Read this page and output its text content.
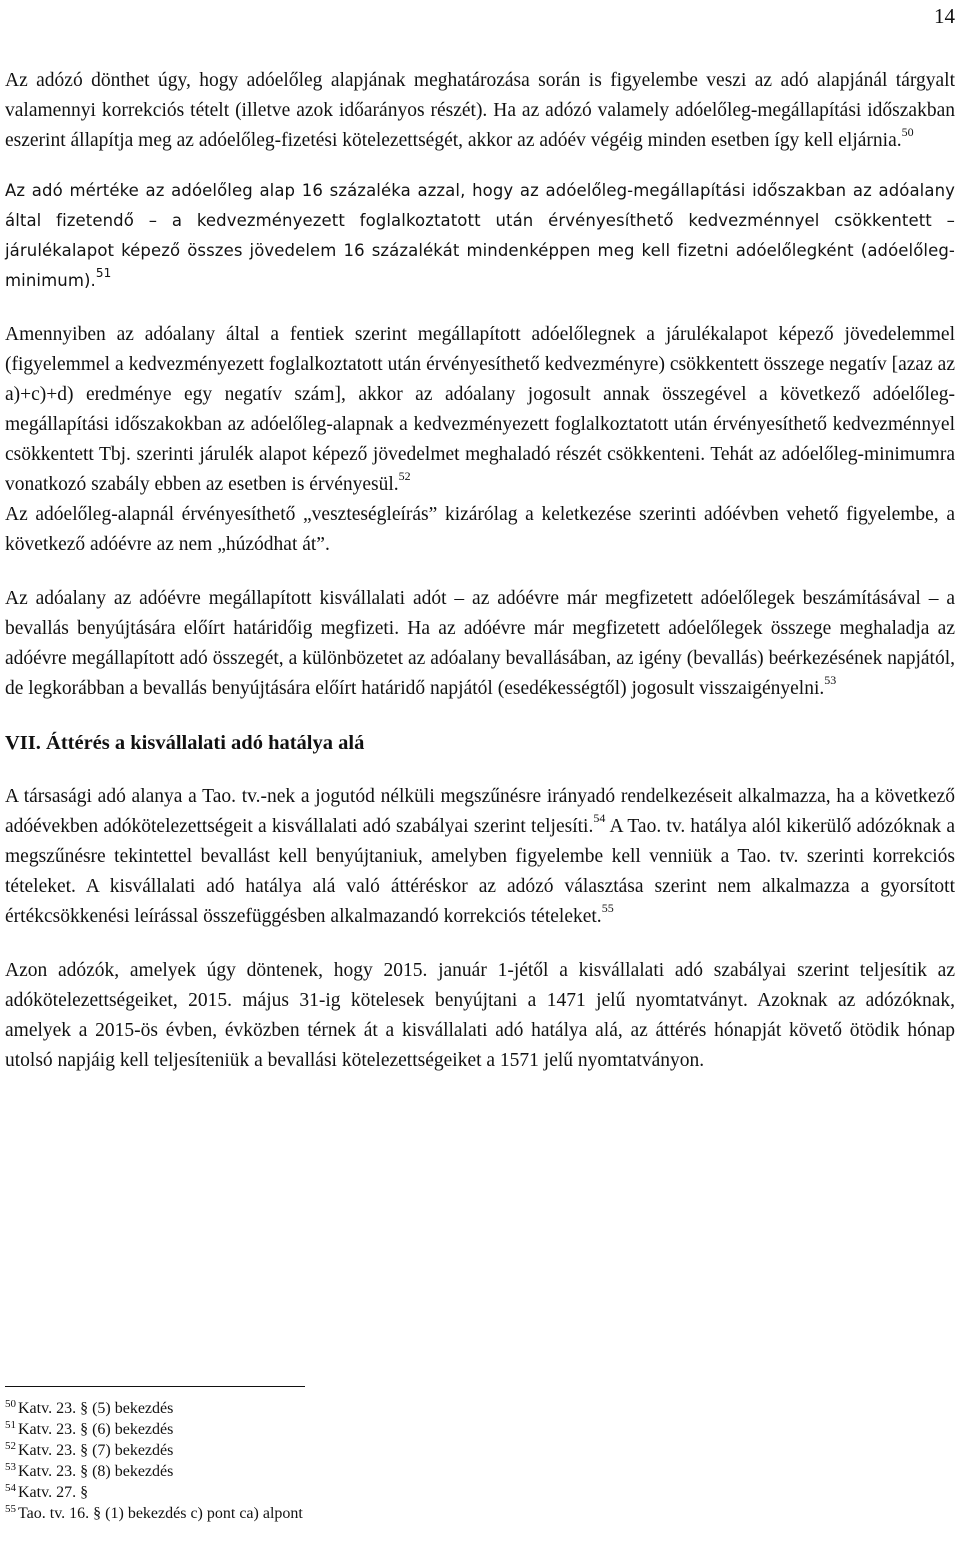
14

Az adózó dönthet úgy, hogy adóelőleg alapjának meghatározása során is figyelembe veszi az adó alapjánál tárgyalt valamennyi korrekciós tételt (illetve azok időarányos részét). Ha az adózó valamely adóelőleg-megállapítási időszakban eszerint állapítja meg az adóelőleg-fizetési kötelezettségét, akkor az adóév végéig minden esetben így kell eljárnia.$^{50}$

Az adó mértéke az adóelőleg alap 16 százaléka azzal, hogy az adóelőleg-megállapítási időszakban az adóalany által fizetendő – a kedvezményezett foglalkoztatott után érvényesíthető kedvezménnyel csökkentett – járulékalapot képező összes jövedelem 16 százalékát mindenképpen meg kell fizetni adóelőlegként (adóelőleg-minimum).$^{51}$

Amennyiben az adóalany által a fentiek szerint megállapított adóelőlegnek a járulékalapot képező jövedelemmel (figyelemmel a kedvezményezett foglalkoztatott után érvényesíthető kedvezményre) csökkentett összege negatív [azaz az a)+c)+d) eredménye egy negatív szám], akkor az adóalany jogosult annak összegével a következő adóelőleg-megállapítási időszakokban az adóelőleg-alapnak a kedvezményezett foglalkoztatott után érvényesíthető kedvezménnyel csökkentett Tbj. szerinti járulék alapot képező jövedelmet meghaladó részét csökkenteni. Tehát az adóelőleg-minimumra vonatkozó szabály ebben az esetben is érvényesül.$^{52}$

Az adóelőleg-alapnál érvényesíthető „veszteségleírás” kizárólag a keletkezése szerinti adóévben vehető figyelembe, a következő adóévre az nem „húzódhat át”.

Az adóalany az adóévre megállapított kisvállalati adót – az adóévre már megfizetett adóelőlegek beszámításával – a bevallás benyújtására előírt határidőig megfizeti. Ha az adóévre már megfizetett adóelőlegek összege meghaladja az adóévre megállapított adó összegét, a különbözetet az adóalany bevallásában, az igény (bevallás) beérkezésének napjától, de legkorábban a bevallás benyújtására előírt határidő napjától (esedékességtől) jogosult visszaigényelni.$^{53}$

VII. Áttérés a kisvállalati adó hatálya alá

A társasági adó alanya a Tao. tv.-nek a jogutód nélküli megszűnésre irányadó rendelkezéseit alkalmazza, ha a következő adóévekben adókötelezettségeit a kisvállalati adó szabályai szerint teljesíti.$^{54}$ A Tao. tv. hatálya alól kikerülő adózóknak a megszűnésre tekintettel bevallást kell benyújtaniuk, amelyben figyelembe kell venniük a Tao. tv. szerinti korrekciós tételeket. A kisvállalati adó hatálya alá való áttéréskor az adózó választása szerint nem alkalmazza a gyorsított értékcsökkenési leírással összefüggésben alkalmazandó korrekciós tételeket.$^{55}$

Azon adózók, amelyek úgy döntenek, hogy 2015. január 1-jétől a kisvállalati adó szabályai szerint teljesítik az adókötelezettségeiket, 2015. május 31-ig kötelesek benyújtani a 1471 jelű nyomtatványt. Azoknak az adózóknak, amelyek a 2015-ös évben, évközben térnek át a kisvállalati adó hatálya alá, az áttérés hónapját követő ötödik hónap utolsó napjáig kell teljesíteniük a bevallási kötelezettségeiket a 1571 jelű nyomtatványon.

$^{50}$ Katv. 23. § (5) bekezdés
$^{51}$ Katv. 23. § (6) bekezdés
$^{52}$ Katv. 23. § (7) bekezdés
$^{53}$ Katv. 23. § (8) bekezdés
$^{54}$ Katv. 27. §
$^{55}$ Tao. tv. 16. § (1) bekezdés c) pont ca) alpont
